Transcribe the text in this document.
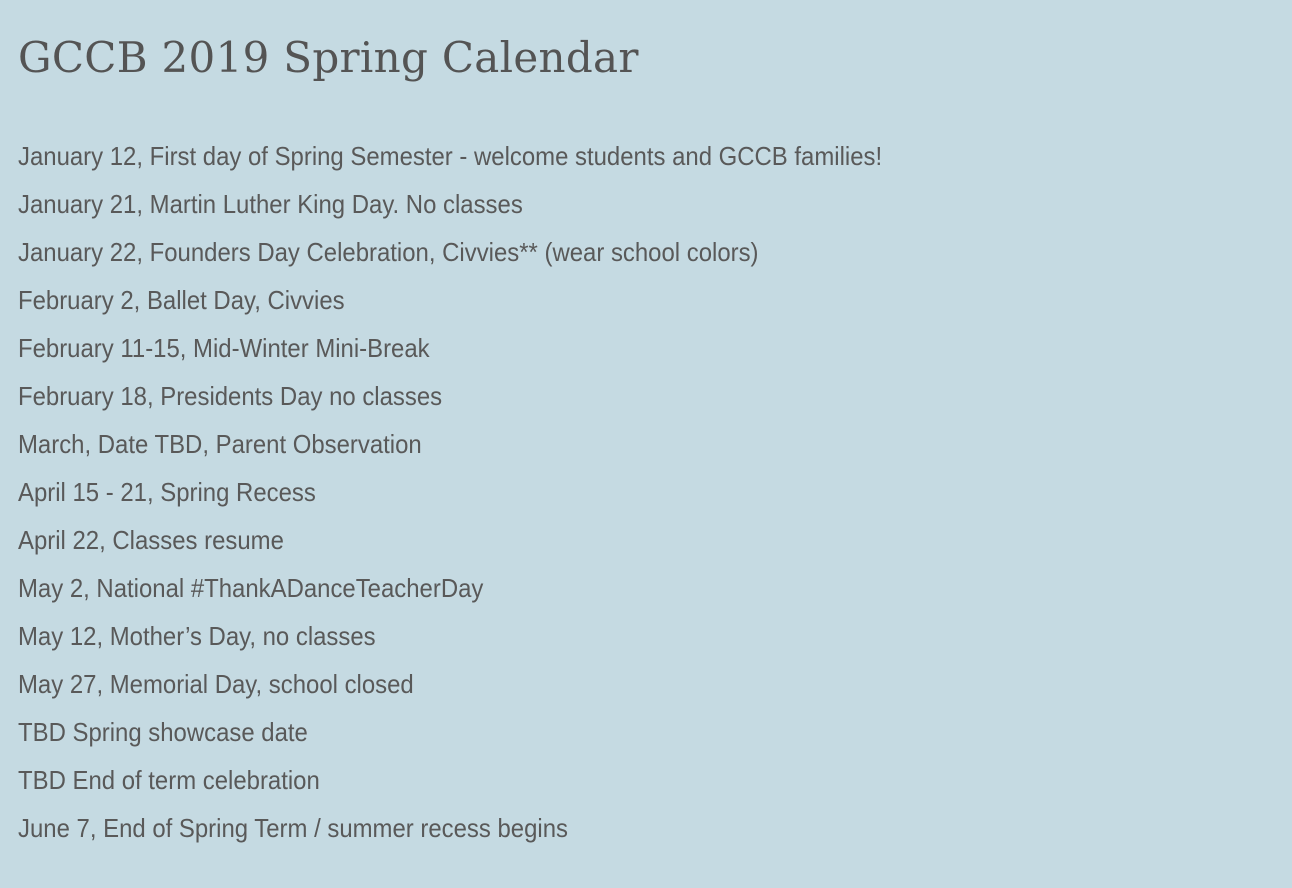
GCCB 2019 Spring Calendar
January 12, First day of Spring Semester - welcome students and GCCB families!
January 21, Martin Luther King Day. No classes
January 22, Founders Day Celebration, Civvies** (wear school colors)
February 2, Ballet Day, Civvies
February 11-15, Mid-Winter Mini-Break
February 18, Presidents Day no classes
March, Date TBD, Parent Observation
April 15 - 21, Spring Recess
April 22, Classes resume
May 2, National #ThankADanceTeacherDay
May 12, Mother’s Day, no classes
May 27, Memorial Day, school closed
TBD Spring showcase date
TBD End of term celebration
June 7, End of Spring Term / summer recess begins
